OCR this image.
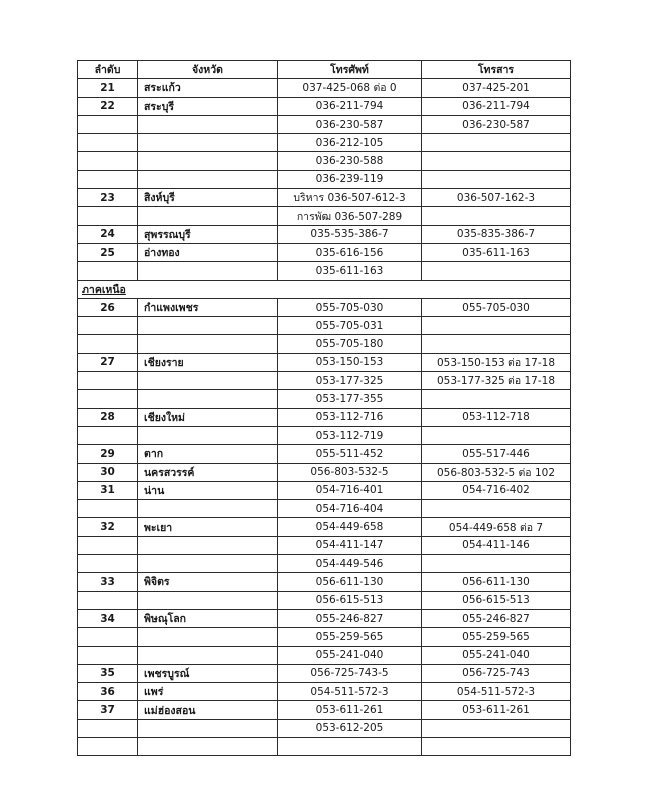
ลำดับ	จังหวัด	โทรศัพท์	โทรสาร
21	สระแก้ว	037-425-068 ต่อ 0	037-425-201
22	สระบุรี	036-211-794	036-211-794
		036-230-587	036-230-587
		036-212-105	
		036-230-588	
		036-239-119	
23	สิงห์บุรี	บริหาร 036-507-612-3	036-507-162-3
		การพัฒ 036-507-289	
24	สุพรรณบุรี	035-535-386-7	035-835-386-7
25	อ่างทอง	035-616-156	035-611-163
		035-611-163	
ภาคเหนือ			
26	กำแพงเพชร	055-705-030	055-705-030
		055-705-031	
		055-705-180	
27	เชียงราย	053-150-153	053-150-153 ต่อ 17-18
		053-177-325	053-177-325 ต่อ 17-18
		053-177-355	
28	เชียงใหม่	053-112-716	053-112-718
		053-112-719	
29	ตาก	055-511-452	055-517-446
30	นครสวรรค์	056-803-532-5	056-803-532-5 ต่อ 102
31	น่าน	054-716-401	054-716-402
		054-716-404	
32	พะเยา	054-449-658	054-449-658 ต่อ 7
		054-411-147	054-411-146
		054-449-546	
33	พิจิตร	056-611-130	056-611-130
		056-615-513	056-615-513
34	พิษณุโลก	055-246-827	055-246-827
		055-259-565	055-259-565
		055-241-040	055-241-040
35	เพชรบูรณ์	056-725-743-5	056-725-743
36	แพร่	054-511-572-3	054-511-572-3
37	แม่ฮ่องสอน	053-611-261	053-611-261
		053-612-205	
